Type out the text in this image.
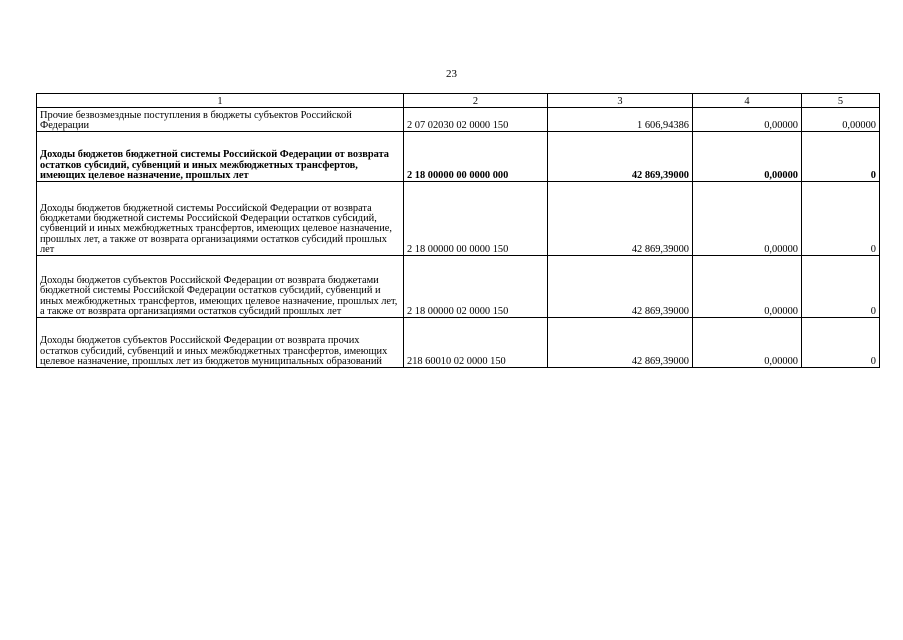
23
1	2	3	4	5
Прочие безвозмездные поступления в бюджеты субъектов Российской Федерации	2 07 02030 02 0000 150	1 606,94386	0,00000	0,00000
Доходы бюджетов бюджетной системы Российской Федерации от возврата остатков субсидий, субвенций и иных межбюджетных трансфертов, имеющих целевое назначение, прошлых лет	2 18 00000 00 0000 000	42 869,39000	0,00000	0
Доходы бюджетов бюджетной системы Российской Федерации от возврата бюджетами бюджетной системы Российской Федерации остатков субсидий, субвенций и иных межбюджетных трансфертов, имеющих целевое назначение, прошлых лет, а также от возврата организациями остатков субсидий прошлых лет	2 18 00000 00 0000 150	42 869,39000	0,00000	0
Доходы бюджетов субъектов Российской Федерации от возврата бюджетами бюджетной системы Российской Федерации остатков субсидий, субвенций и иных межбюджетных трансфертов, имеющих целевое назначение, прошлых лет, а также от возврата организациями остатков субсидий прошлых лет	2 18 00000 02 0000 150	42 869,39000	0,00000	0
Доходы бюджетов субъектов Российской Федерации от возврата прочих остатков субсидий, субвенций и иных межбюджетных трансфертов, имеющих целевое назначение, прошлых лет из бюджетов муниципальных образований	218 60010 02 0000 150	42 869,39000	0,00000	0
